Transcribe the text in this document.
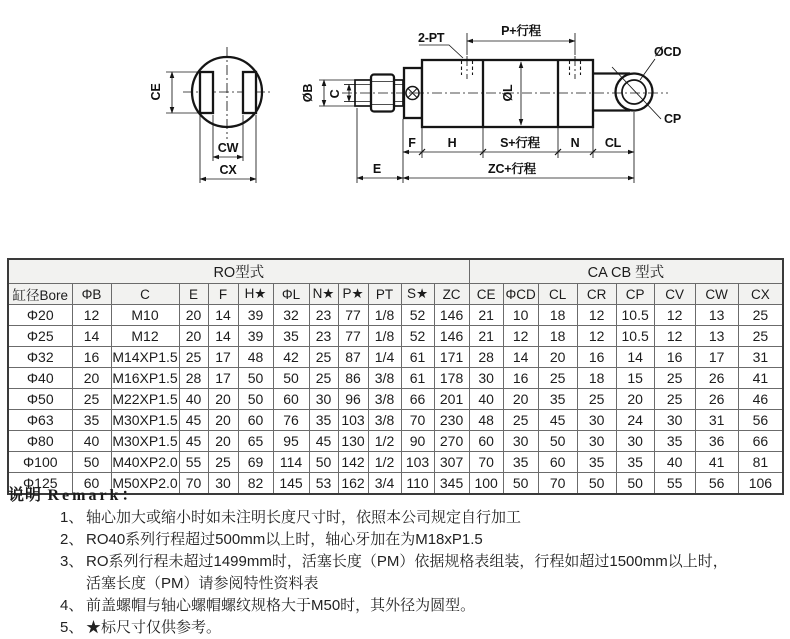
CE
CW
CX
2-PT	P+行程
ØB C	ØL
ØCD
CP
F	H	S+行程 N CL
E	ZC+行程
RO型式												CA CB 型式							
缸径Bore	ΦB	C	E	F	H★	ΦL	N★	P★	PT	S★	ZC	CE	ΦCD	CL	CR	CP	CV	CW	CX
Φ20	12	M10	20	14	39	32	23	77	1/8	52	146	21	10	18	12	10.5	12	13	25
Φ25	14	M12	20	14	39	35	23	77	1/8	52	146	21	12	18	12	10.5	12	13	25
Φ32	16	M14XP1.5	25	17	48	42	25	87	1/4	61	171	28	14	20	16	14	16	17	31
Φ40	20	M16XP1.5	28	17	50	50	25	86	3/8	61	178	30	16	25	18	15	25	26	41
Φ50	25	M22XP1.5	40	20	50	60	30	96	3/8	66	201	40	20	35	25	20	25	26	46
Φ63	35	M30XP1.5	45	20	60	76	35	103	3/8	70	230	48	25	45	30	24	30	31	56
Φ80	40	M30XP1.5	45	20	65	95	45	130	1/2	90	270	60	30	50	30	30	35	36	66
Φ100	50	M40XP2.0	55	25	69	114	50	142	1/2	103	307	70	35	60	35	35	40	41	81
Φ125	60	M50XP2.0	70	30	82	145	53	162	3/4	110	345	100	50	70	50	50	55	56	106
说明 Remark：
1、 轴心加大或缩小时如未注明长度尺寸时，依照本公司规定自行加工
2、 RO40系列行程超过500mm以上时，轴心牙加在为M18xP1.5
3、 RO系列行程未超过1499mm时，活塞长度（PM）依据规格表组装，行程如超过1500mm以上时，
活塞长度（PM）请参阅特性资料表
4、 前盖螺帽与轴心螺帽螺纹规格大于M50时，其外径为圆型。
5、 ★标尺寸仅供参考。
